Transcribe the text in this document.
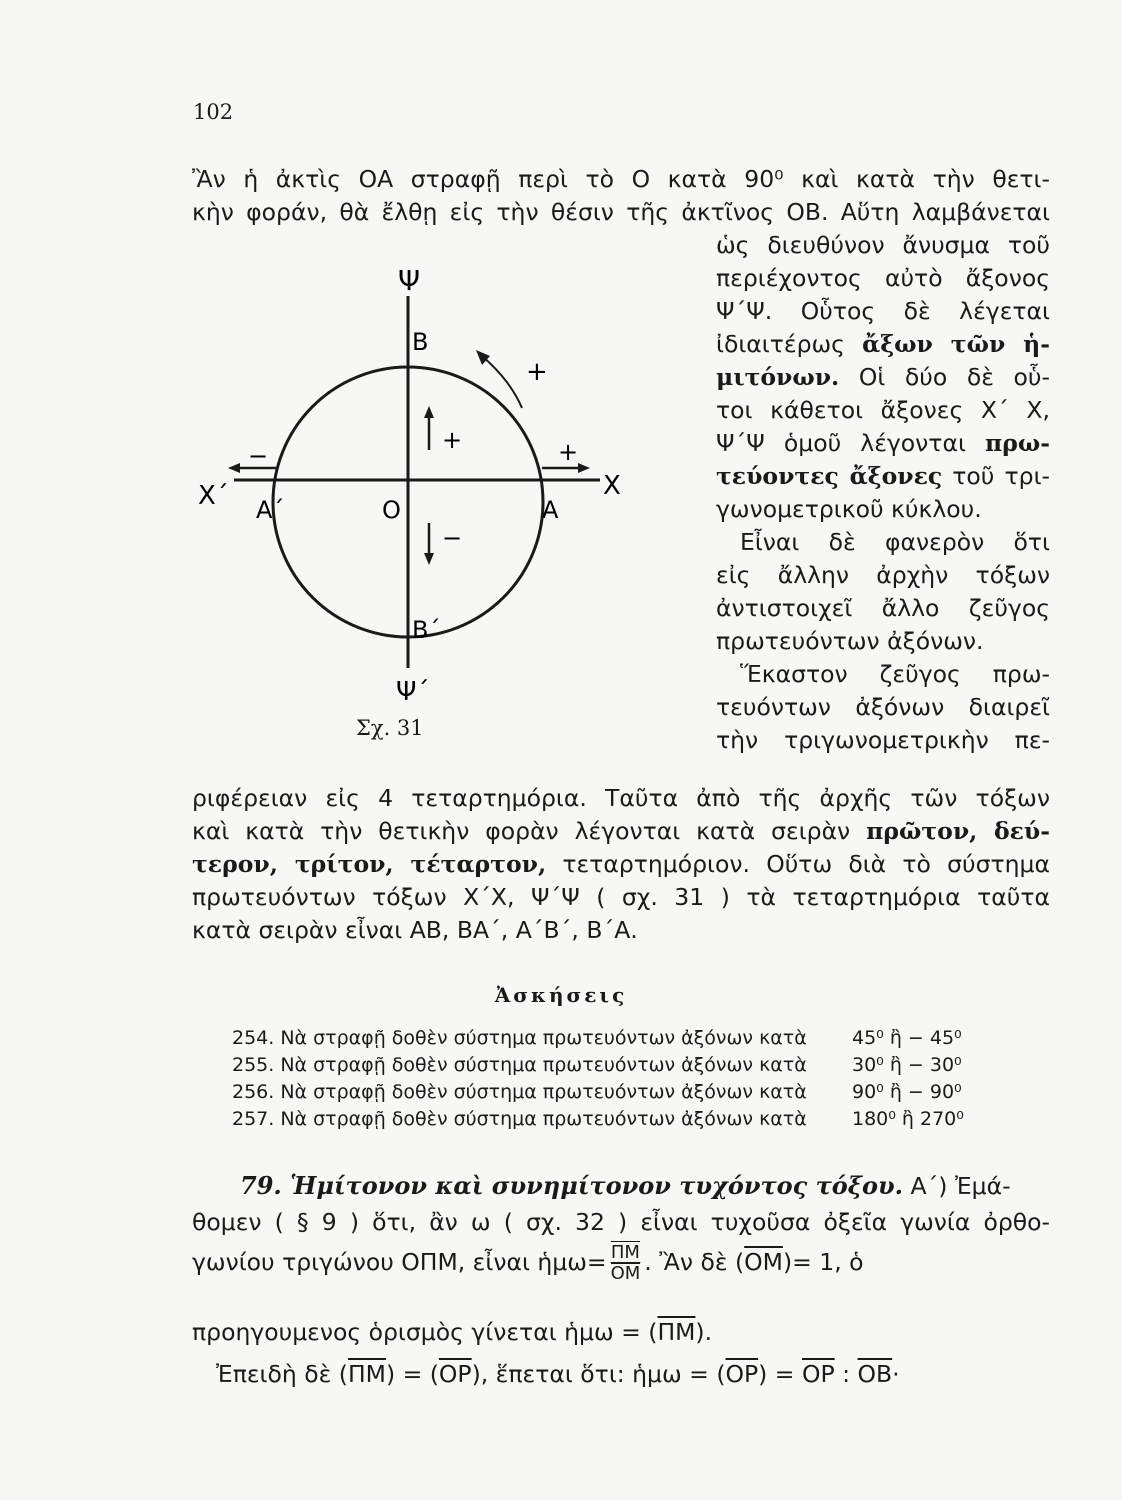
102
Ἂν ἡ ἀκτὶς ΟΑ στραφῇ περὶ τὸ Ο κατὰ 90⁰ καὶ κατὰ τὴν θετι-
κὴν φοράν, θὰ ἔλθῃ εἰς τὴν θέσιν τῆς ἀκτῖνος ΟΒ. Αὕτη λαμβάνεται
ὡς διευθύνον ἄνυσμα τοῦ
περιέχοντος αὐτὸ ἄξονος
Ψ΄Ψ. Οὗτος δὲ λέγεται
ἰδιαιτέρως ἄξων τῶν ἡ-
μιτόνων. Οἱ δύο δὲ οὗ-
τοι κάθετοι ἄξονες Χ΄ Χ,
Ψ΄Ψ ὁμοῦ λέγονται πρω-
τεύοντες ἄξονες τοῦ τρι-
γωνομετρικοῦ κύκλου.
Εἶναι δὲ φανερὸν ὅτι
εἰς ἄλλην ἀρχὴν τόξων
ἀντιστοιχεῖ ἄλλο ζεῦγος
πρωτευόντων ἀξόνων.
Ἕκαστον ζεῦγος πρω-
τευόντων ἀξόνων διαιρεῖ
τὴν τριγωνομετρικὴν πε-
Ψ
Β
+
+	+
−
−
Χ΄	Χ
Α΄	Α
Ο
Β΄
Ψ΄
Σχ. 31
ριφέρειαν εἰς 4 τεταρτημόρια. Ταῦτα ἀπὸ τῆς ἀρχῆς τῶν τόξων
καὶ κατὰ τὴν θετικὴν φορὰν λέγονται κατὰ σειρὰν πρῶτον, δεύ-
τερον, τρίτον, τέταρτον, τεταρτημόριον. Οὕτω διὰ τὸ σύστημα
πρωτευόντων τόξων Χ΄Χ, Ψ΄Ψ ( σχ. 31 ) τὰ τεταρτημόρια ταῦτα
κατὰ σειρὰν εἶναι ΑΒ, ΒΑ΄, Α΄Β΄, Β΄Α.
Ἀσκήσεις
254. Νὰ στραφῇ δοθὲν σύστημα πρωτευόντων ἀξόνων κατὰ 45⁰ ἢ − 45⁰
255. Νὰ στραφῇ δοθὲν σύστημα πρωτευόντων ἀξόνων κατὰ 30⁰ ἢ − 30⁰
256. Νὰ στραφῇ δοθὲν σύστημα πρωτευόντων ἀξόνων κατὰ 90⁰ ἢ − 90⁰
257. Νὰ στραφῇ δοθὲν σύστημα πρωτευόντων ἀξόνων κατὰ 180⁰ ἢ 270⁰
79. Ἡμίτονον καὶ συνημίτονον τυχόντος τόξου. Α΄) Ἐμά-
θομεν ( § 9 ) ὅτι, ἂν ω ( σχ. 32 ) εἶναι τυχοῦσα ὀξεῖα γωνία ὀρθο-
γωνίου τριγώνου ΟΠΜ, εἶναι ἡμω= $\frac{\overline{\Pi M}}{OM}$ . Ἂν δὲ $(\overline{OM})= 1$, ὁ
προηγουμενος ὁρισμὸς γίνεται ἡμω = $(\overline{\Pi M})$.
Ἐπειδὴ δὲ $(\overline{\Pi M}) = (\overline{OP})$, ἕπεται ὅτι: ἡμω = $(\overline{OP}) = \overline{OP}$ : $\overline{OB}\cdot$
